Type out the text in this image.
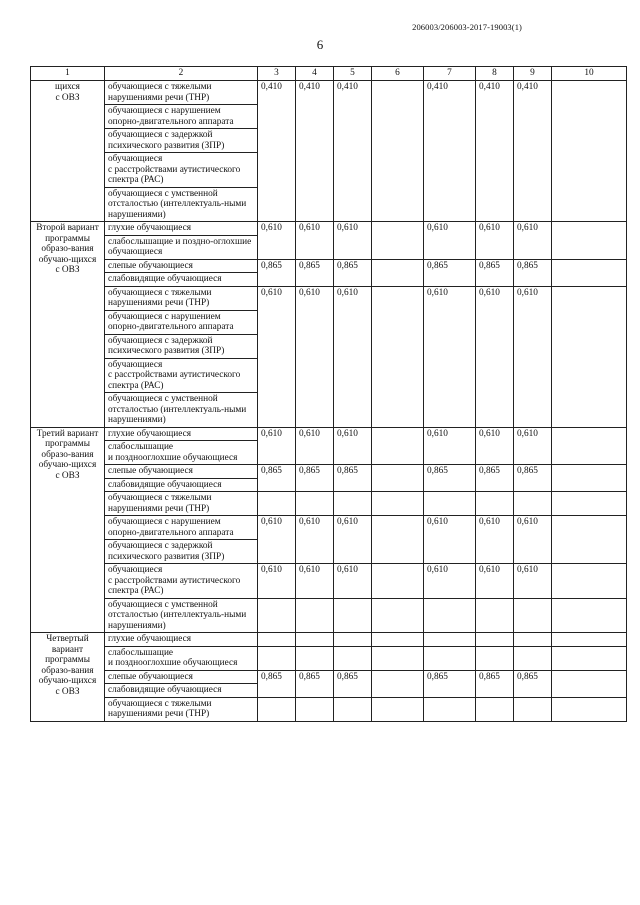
206003/206003-2017-19003(1)
6
1	2	3	4	5	6	7	8	9	10
щихся
с ОВЗ	обучающиеся с тяжелыми нарушениями речи (ТНР)	0,410	0,410	0,410		0,410	0,410	0,410	
	обучающиеся с нарушением опорно-двигательного аппарата								
	обучающиеся с задержкой психического развития (ЗПР)								
	обучающиеся
с расстройствами аутистического спектра (РАС)								
	обучающиеся с умственной отсталостью (интеллектуаль-ными нарушениями)								
Второй вариант программы образо-вания обучаю-щихся
с ОВЗ	глухие обучающиеся	0,610	0,610	0,610		0,610	0,610	0,610	
	слабослышащие и поздно-оглохшие обучающиеся								
	слепые обучающиеся	0,865	0,865	0,865		0,865	0,865	0,865	
	слабовидящие обучающиеся								
	обучающиеся с тяжелыми нарушениями речи (ТНР)	0,610	0,610	0,610		0,610	0,610	0,610	
	обучающиеся с нарушением опорно-двигательного аппарата								
	обучающиеся с задержкой психического развития (ЗПР)								
	обучающиеся
с расстройствами аутистического спектра (РАС)								
	обучающиеся с умственной отсталостью (интеллектуаль-ными нарушениями)								
Третий вариант программы образо-вания обучаю-щихся
с ОВЗ	глухие обучающиеся	0,610	0,610	0,610		0,610	0,610	0,610	
	слабослышащие
и позднооглохшие обучающиеся								
	слепые обучающиеся	0,865	0,865	0,865		0,865	0,865	0,865	
	слабовидящие обучающиеся								
	обучающиеся с тяжелыми нарушениями речи (ТНР)								
	обучающиеся с нарушением опорно-двигательного аппарата	0,610	0,610	0,610		0,610	0,610	0,610	
	обучающиеся с задержкой психического развития (ЗПР)								
	обучающиеся
с расстройствами аутистического спектра (РАС)	0,610	0,610	0,610		0,610	0,610	0,610	
	обучающиеся с умственной отсталостью (интеллектуаль-ными нарушениями)								
Четвертый вариант программы образо-вания обучаю-щихся
с ОВЗ	глухие обучающиеся								
	слабослышащие
и позднооглохшие обучающиеся								
	слепые обучающиеся	0,865	0,865	0,865		0,865	0,865	0,865	
	слабовидящие обучающиеся								
	обучающиеся с тяжелыми нарушениями речи (ТНР)								
